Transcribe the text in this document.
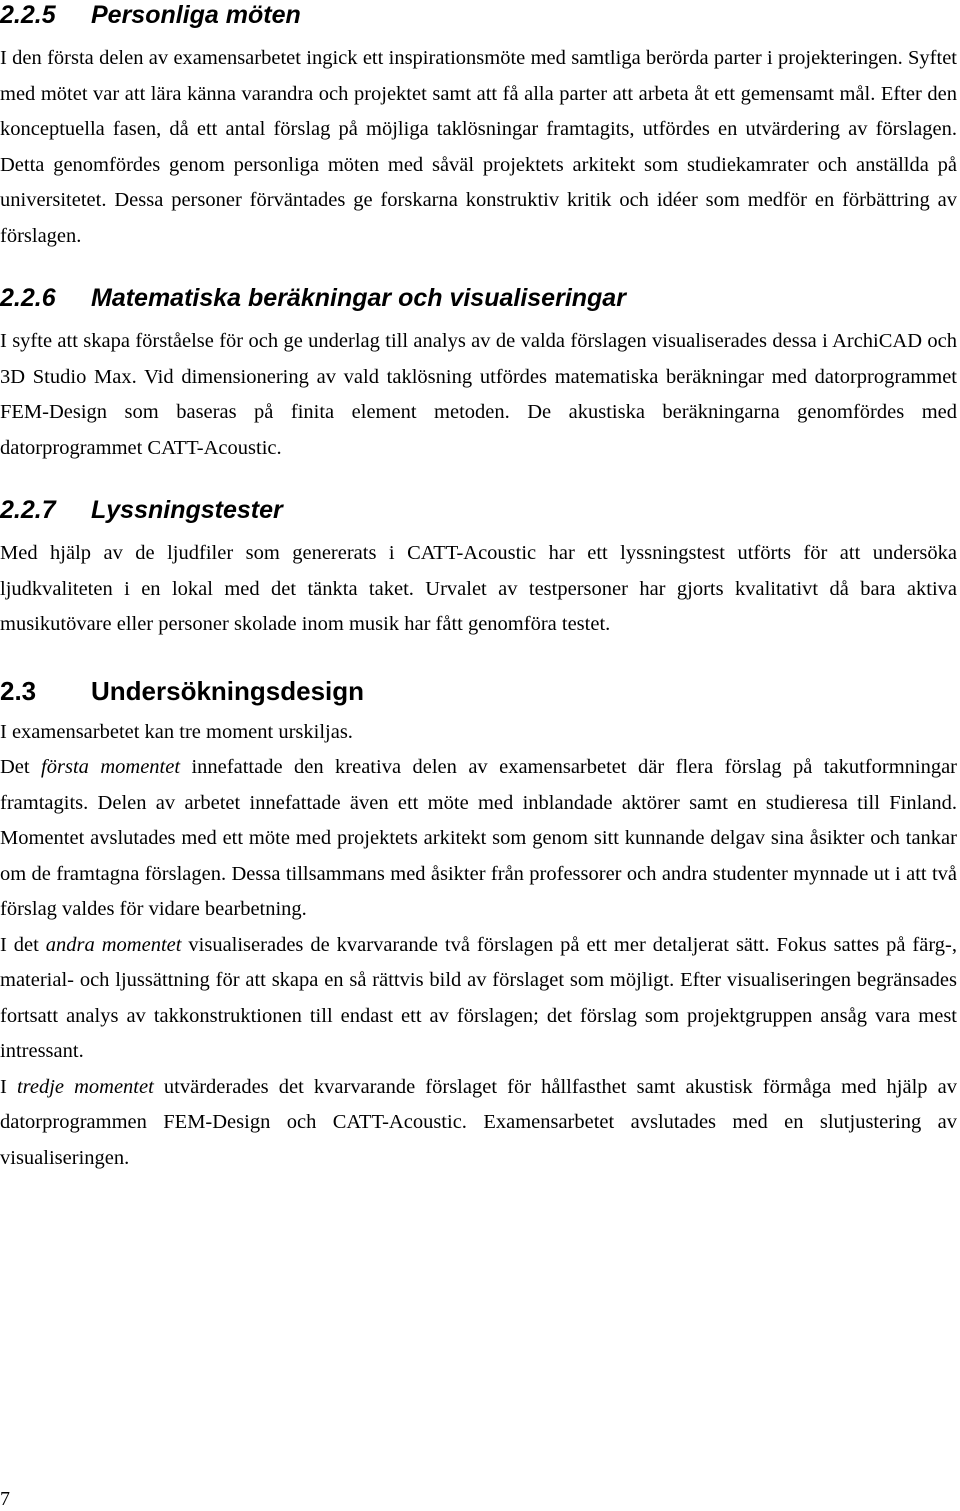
2.2.5 Personliga möten

I den första delen av examensarbetet ingick ett inspirationsmöte med samtliga berörda parter i projekteringen. Syftet med mötet var att lära känna varandra och projektet samt att få alla parter att arbeta åt ett gemensamt mål. Efter den konceptuella fasen, då ett antal förslag på möjliga taklösningar framtagits, utfördes en utvärdering av förslagen. Detta genomfördes genom personliga möten med såväl projektets arkitekt som studiekamrater och anställda på universitetet. Dessa personer förväntades ge forskarna konstruktiv kritik och idéer som medför en förbättring av förslagen.

2.2.6 Matematiska beräkningar och visualiseringar

I syfte att skapa förståelse för och ge underlag till analys av de valda förslagen visualiserades dessa i ArchiCAD och 3D Studio Max. Vid dimensionering av vald taklösning utfördes matematiska beräkningar med datorprogrammet FEM-Design som baseras på finita element metoden. De akustiska beräkningarna genomfördes med datorprogrammet CATT-Acoustic.

2.2.7 Lyssningstester

Med hjälp av de ljudfiler som genererats i CATT-Acoustic har ett lyssningstest utförts för att undersöka ljudkvaliteten i en lokal med det tänkta taket. Urvalet av testpersoner har gjorts kvalitativt då bara aktiva musikutövare eller personer skolade inom musik har fått genomföra testet.

2.3 Undersökningsdesign

I examensarbetet kan tre moment urskiljas.

Det första momentet innefattade den kreativa delen av examensarbetet där flera förslag på takutformningar framtagits. Delen av arbetet innefattade även ett möte med inblandade aktörer samt en studieresa till Finland. Momentet avslutades med ett möte med projektets arkitekt som genom sitt kunnande delgav sina åsikter och tankar om de framtagna förslagen. Dessa tillsammans med åsikter från professorer och andra studenter mynnade ut i att två förslag valdes för vidare bearbetning.

I det andra momentet visualiserades de kvarvarande två förslagen på ett mer detaljerat sätt. Fokus sattes på färg-, material- och ljussättning för att skapa en så rättvis bild av förslaget som möjligt. Efter visualiseringen begränsades fortsatt analys av takkonstruktionen till endast ett av förslagen; det förslag som projektgruppen ansåg vara mest intressant.

I tredje momentet utvärderades det kvarvarande förslaget för hållfasthet samt akustisk förmåga med hjälp av datorprogrammen FEM-Design och CATT-Acoustic. Examensarbetet avslutades med en slutjustering av visualiseringen.

7
